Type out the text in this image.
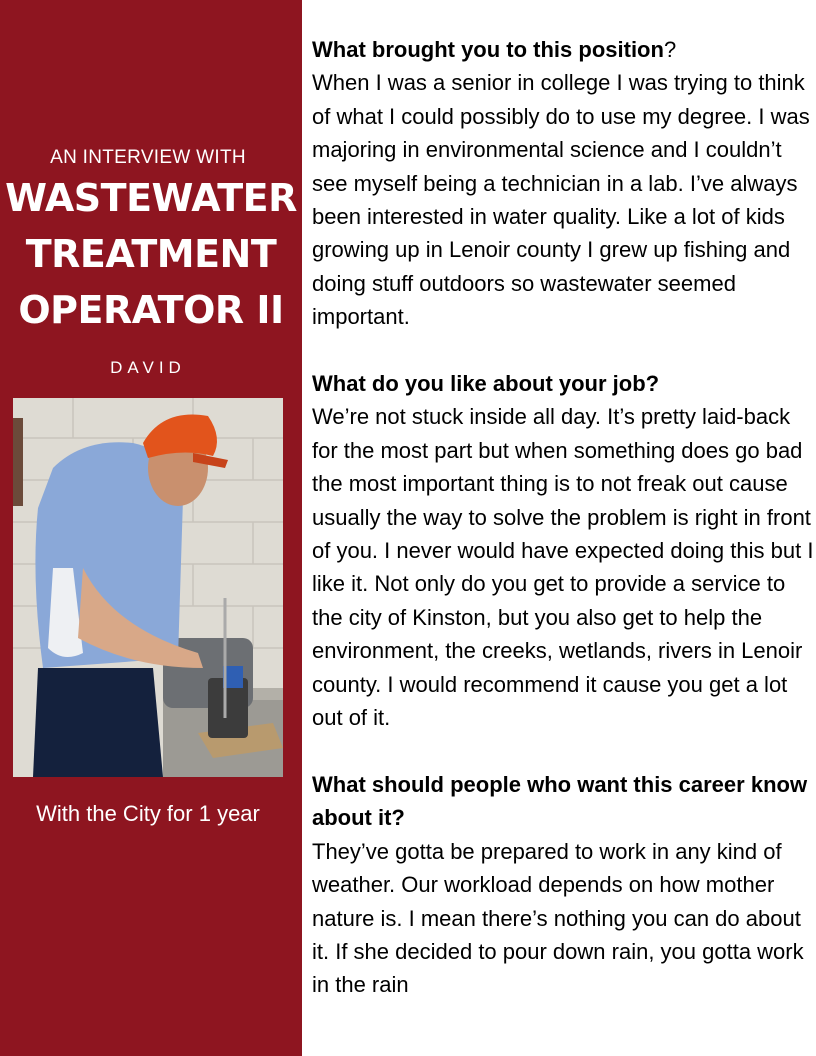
AN INTERVIEW WITH
WASTEWATER
TREATMENT
OPERATOR II
DAVID
With the City for 1 year
What brought you to this position?
When I was a senior in college I was trying to think of what I could possibly do to use my degree. I was majoring in environmental science and I couldn’t see myself being a technician in a lab. I’ve always been interested in water quality. Like a lot of kids growing up in Lenoir county I grew up fishing and doing stuff outdoors so wastewater seemed important.
What do you like about your job?
We’re not stuck inside all day. It’s pretty laid-back for the most part but when something does go bad the most important thing is to not freak out cause usually the way to solve the problem is right in front of you. I never would have expected doing this but I like it. Not only do you get to provide a service to the city of Kinston, but you also get to help the environment, the creeks, wetlands, rivers in Lenoir county. I would recommend it cause you get a lot out of it.
What should people who want this career know about it?
They’ve gotta be prepared to work in any kind of weather. Our workload depends on how mother nature is. I mean there’s nothing you can do about it. If she decided to pour down rain, you gotta work in the rain
